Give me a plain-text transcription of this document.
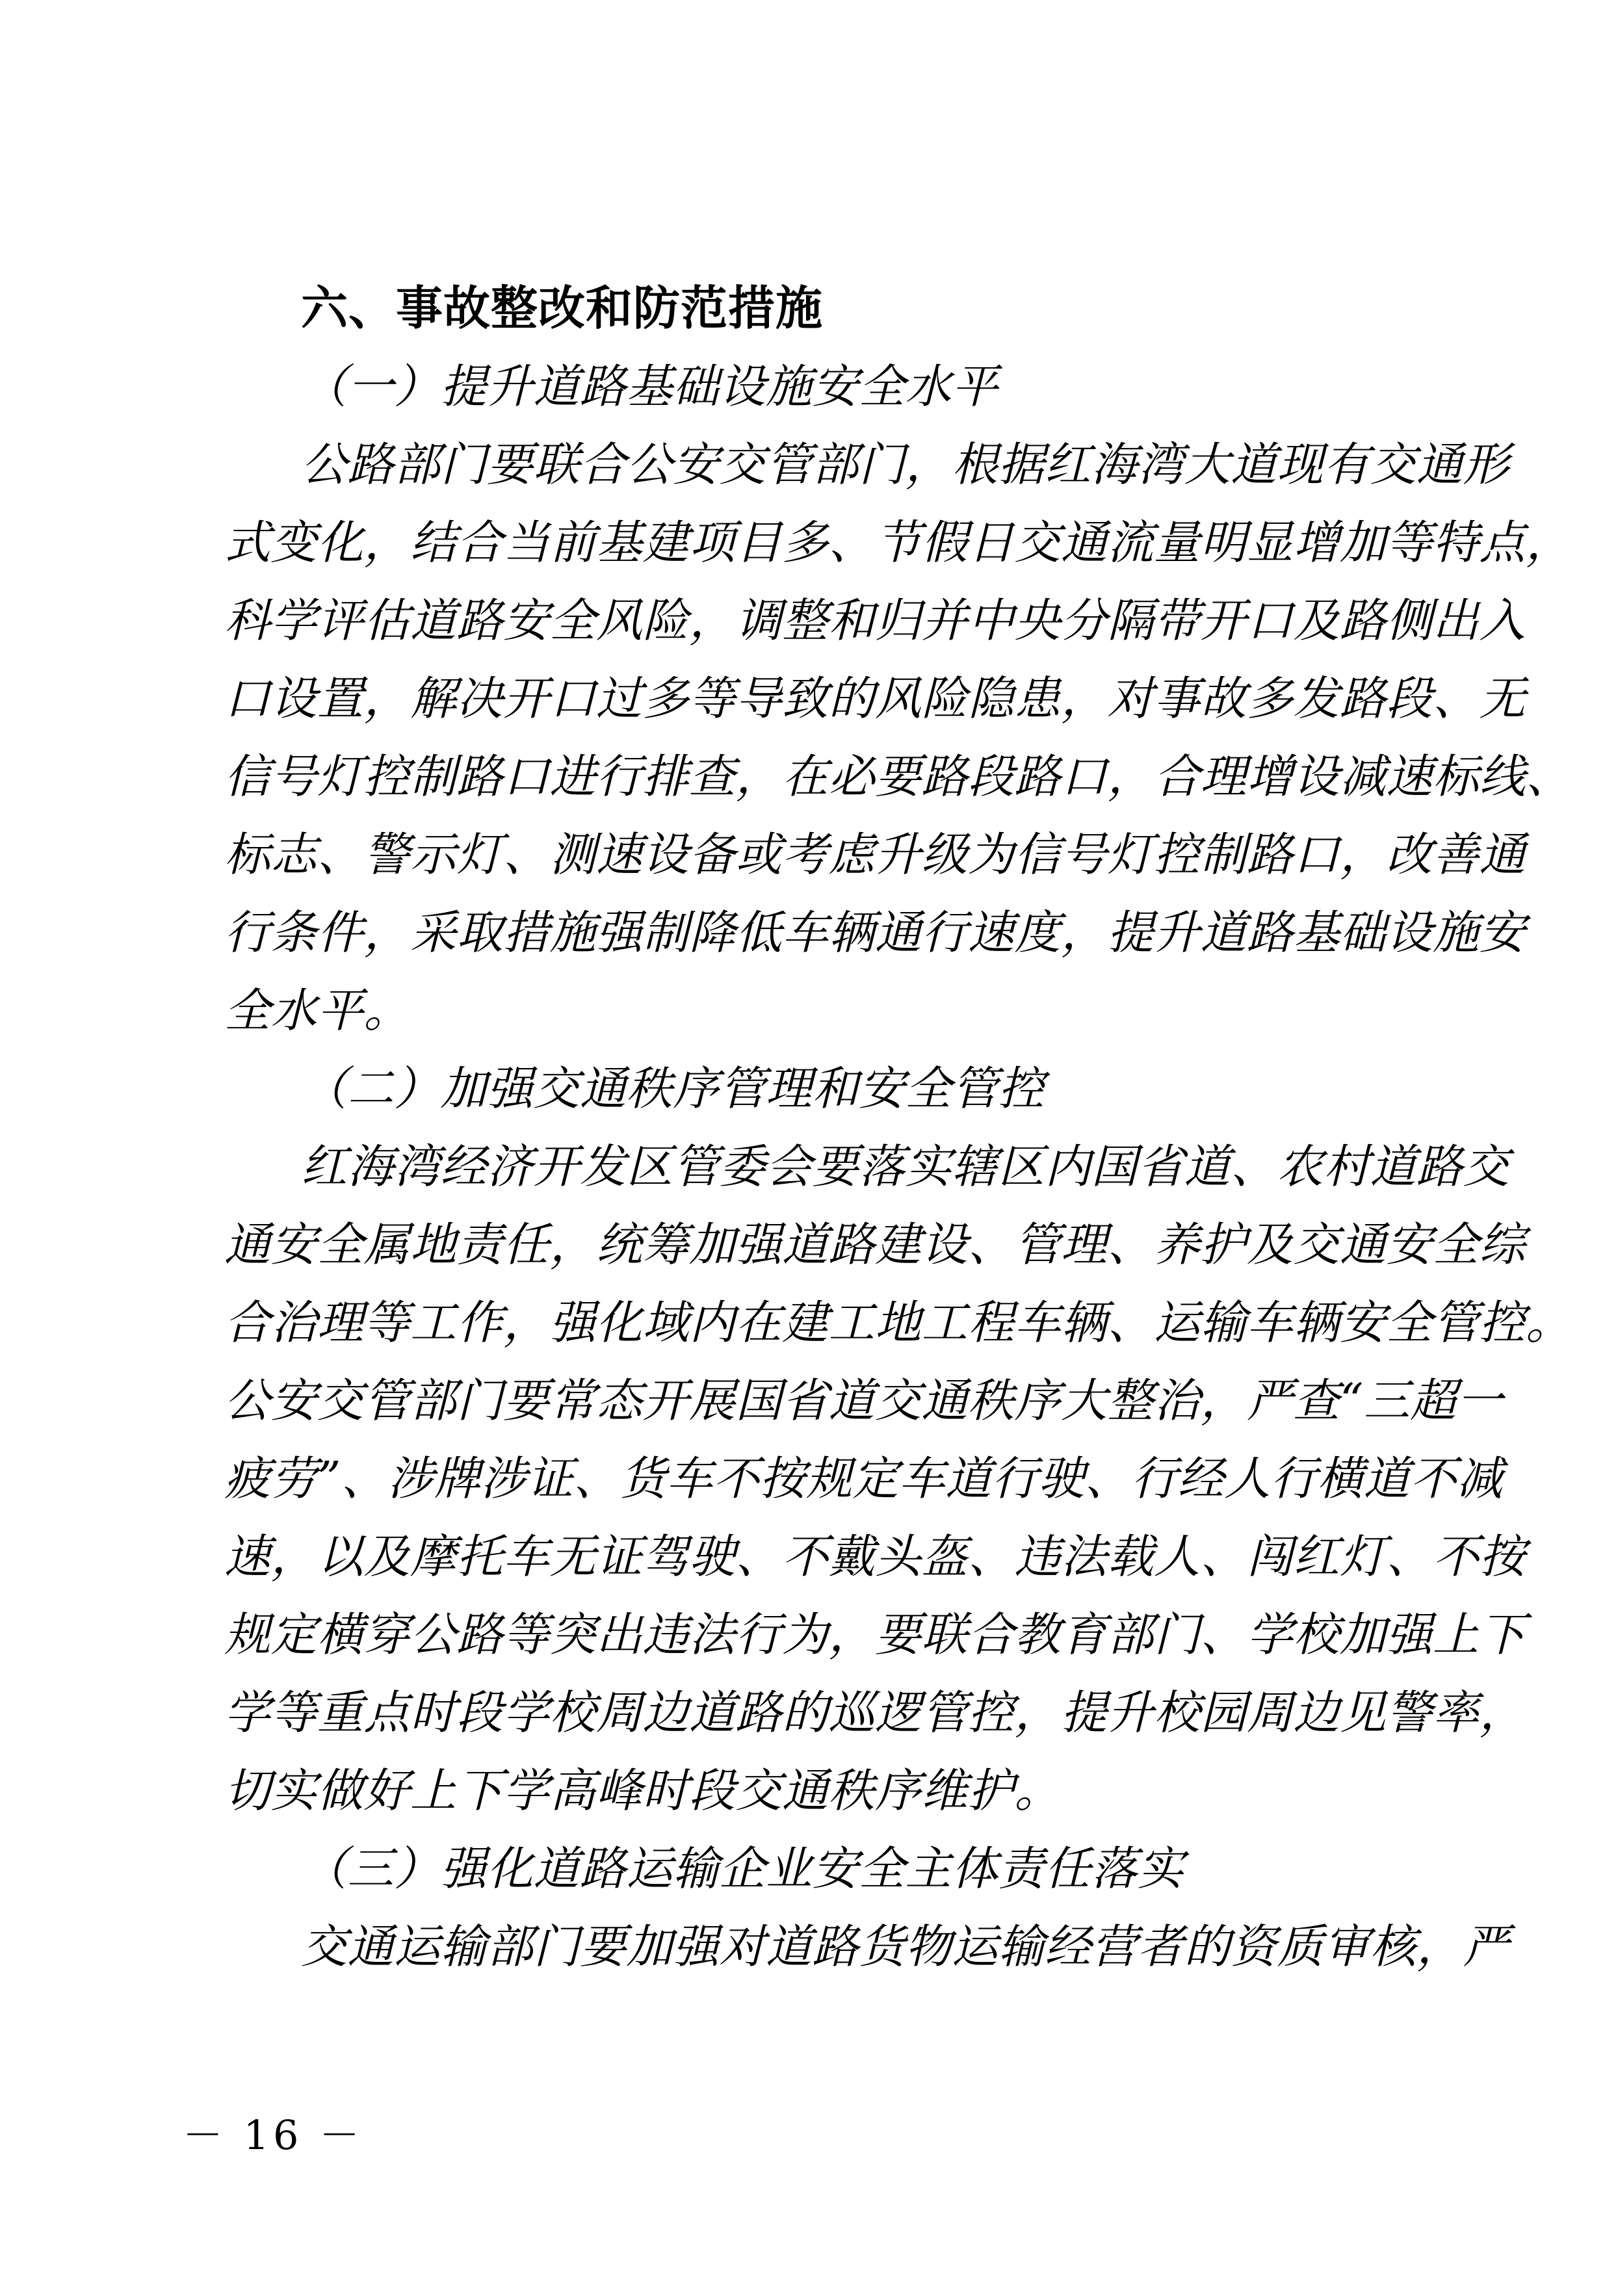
六、事故整改和防范措施

（一）提升道路基础设施安全水平

公路部门要联合公安交管部门，根据红海湾大道现有交通形
式变化，结合当前基建项目多、节假日交通流量明显增加等特点，
科学评估道路安全风险，调整和归并中央分隔带开口及路侧出入
口设置，解决开口过多等导致的风险隐患，对事故多发路段、无
信号灯控制路口进行排查，在必要路段路口，合理增设减速标线、
标志、警示灯、测速设备或考虑升级为信号灯控制路口，改善通
行条件，采取措施强制降低车辆通行速度，提升道路基础设施安
全水平。

（二）加强交通秩序管理和安全管控

红海湾经济开发区管委会要落实辖区内国省道、农村道路交
通安全属地责任，统筹加强道路建设、管理、养护及交通安全综
合治理等工作，强化域内在建工地工程车辆、运输车辆安全管控。
公安交管部门要常态开展国省道交通秩序大整治，严查“三超一
疲劳”、涉牌涉证、货车不按规定车道行驶、行经人行横道不减
速，以及摩托车无证驾驶、不戴头盔、违法载人、闯红灯、不按
规定横穿公路等突出违法行为，要联合教育部门、学校加强上下
学等重点时段学校周边道路的巡逻管控，提升校园周边见警率，
切实做好上下学高峰时段交通秩序维护。

（三）强化道路运输企业安全主体责任落实

交通运输部门要加强对道路货物运输经营者的资质审核，严
－ 16 －
